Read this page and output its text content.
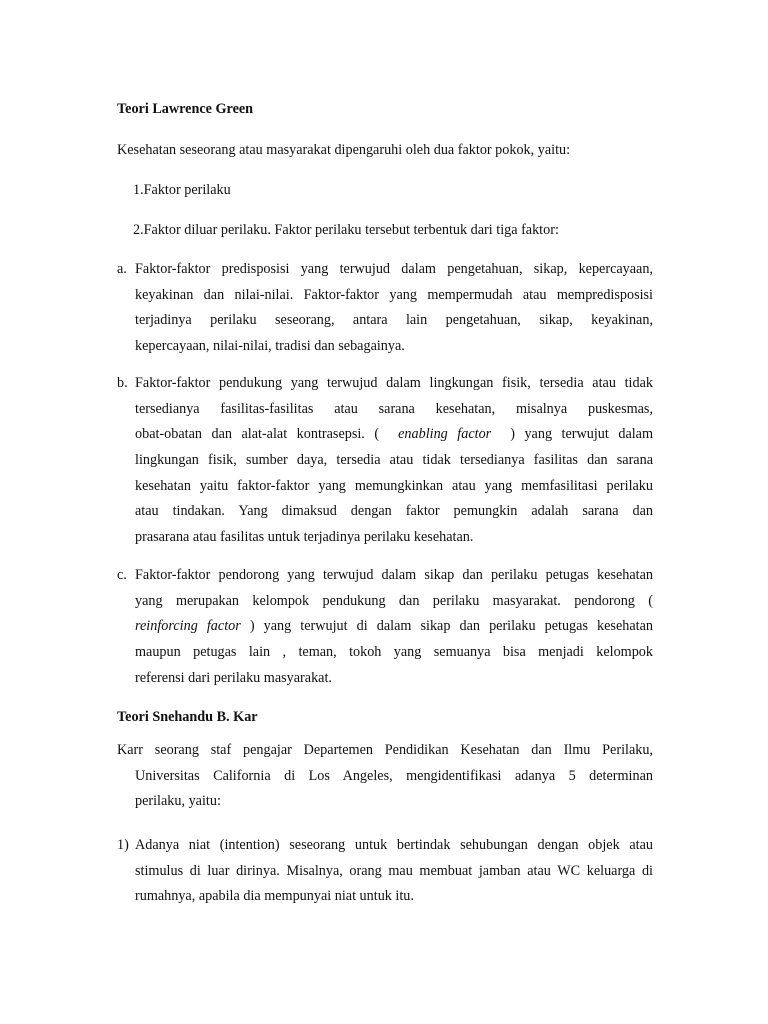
Teori Lawrence Green
Kesehatan seseorang atau masyarakat dipengaruhi oleh dua faktor pokok, yaitu:
1.Faktor perilaku
2.Faktor diluar perilaku. Faktor perilaku tersebut terbentuk dari tiga faktor:
a. Faktor-faktor predisposisi yang terwujud dalam pengetahuan, sikap, kepercayaan,
keyakinan dan nilai-nilai. Faktor-faktor yang mempermudah atau mempredisposisi
terjadinya perilaku seseorang, antara lain pengetahuan, sikap, keyakinan,
kepercayaan, nilai-nilai, tradisi dan sebagainya.
b. Faktor-faktor pendukung yang terwujud dalam lingkungan fisik, tersedia atau tidak
tersedianya fasilitas-fasilitas atau sarana kesehatan, misalnya puskesmas,
obat-obatan dan alat-alat kontrasepsi. ( enabling factor ) yang terwujut dalam
lingkungan fisik, sumber daya, tersedia atau tidak tersedianya fasilitas dan sarana
kesehatan yaitu faktor-faktor yang memungkinkan atau yang memfasilitasi perilaku
atau tindakan. Yang dimaksud dengan faktor pemungkin adalah sarana dan
prasarana atau fasilitas untuk terjadinya perilaku kesehatan.
c. Faktor-faktor pendorong yang terwujud dalam sikap dan perilaku petugas kesehatan
yang merupakan kelompok pendukung dan perilaku masyarakat. pendorong (
reinforcing factor ) yang terwujut di dalam sikap dan perilaku petugas kesehatan
maupun petugas lain , teman, tokoh yang semuanya bisa menjadi kelompok
referensi dari perilaku masyarakat.
Teori Snehandu B. Kar
Karr seorang staf pengajar Departemen Pendidikan Kesehatan dan Ilmu Perilaku,
Universitas California di Los Angeles, mengidentifikasi adanya 5 determinan
perilaku, yaitu:
1) Adanya niat (intention) seseorang untuk bertindak sehubungan dengan objek atau
stimulus di luar dirinya. Misalnya, orang mau membuat jamban atau WC keluarga di
rumahnya, apabila dia mempunyai niat untuk itu.
